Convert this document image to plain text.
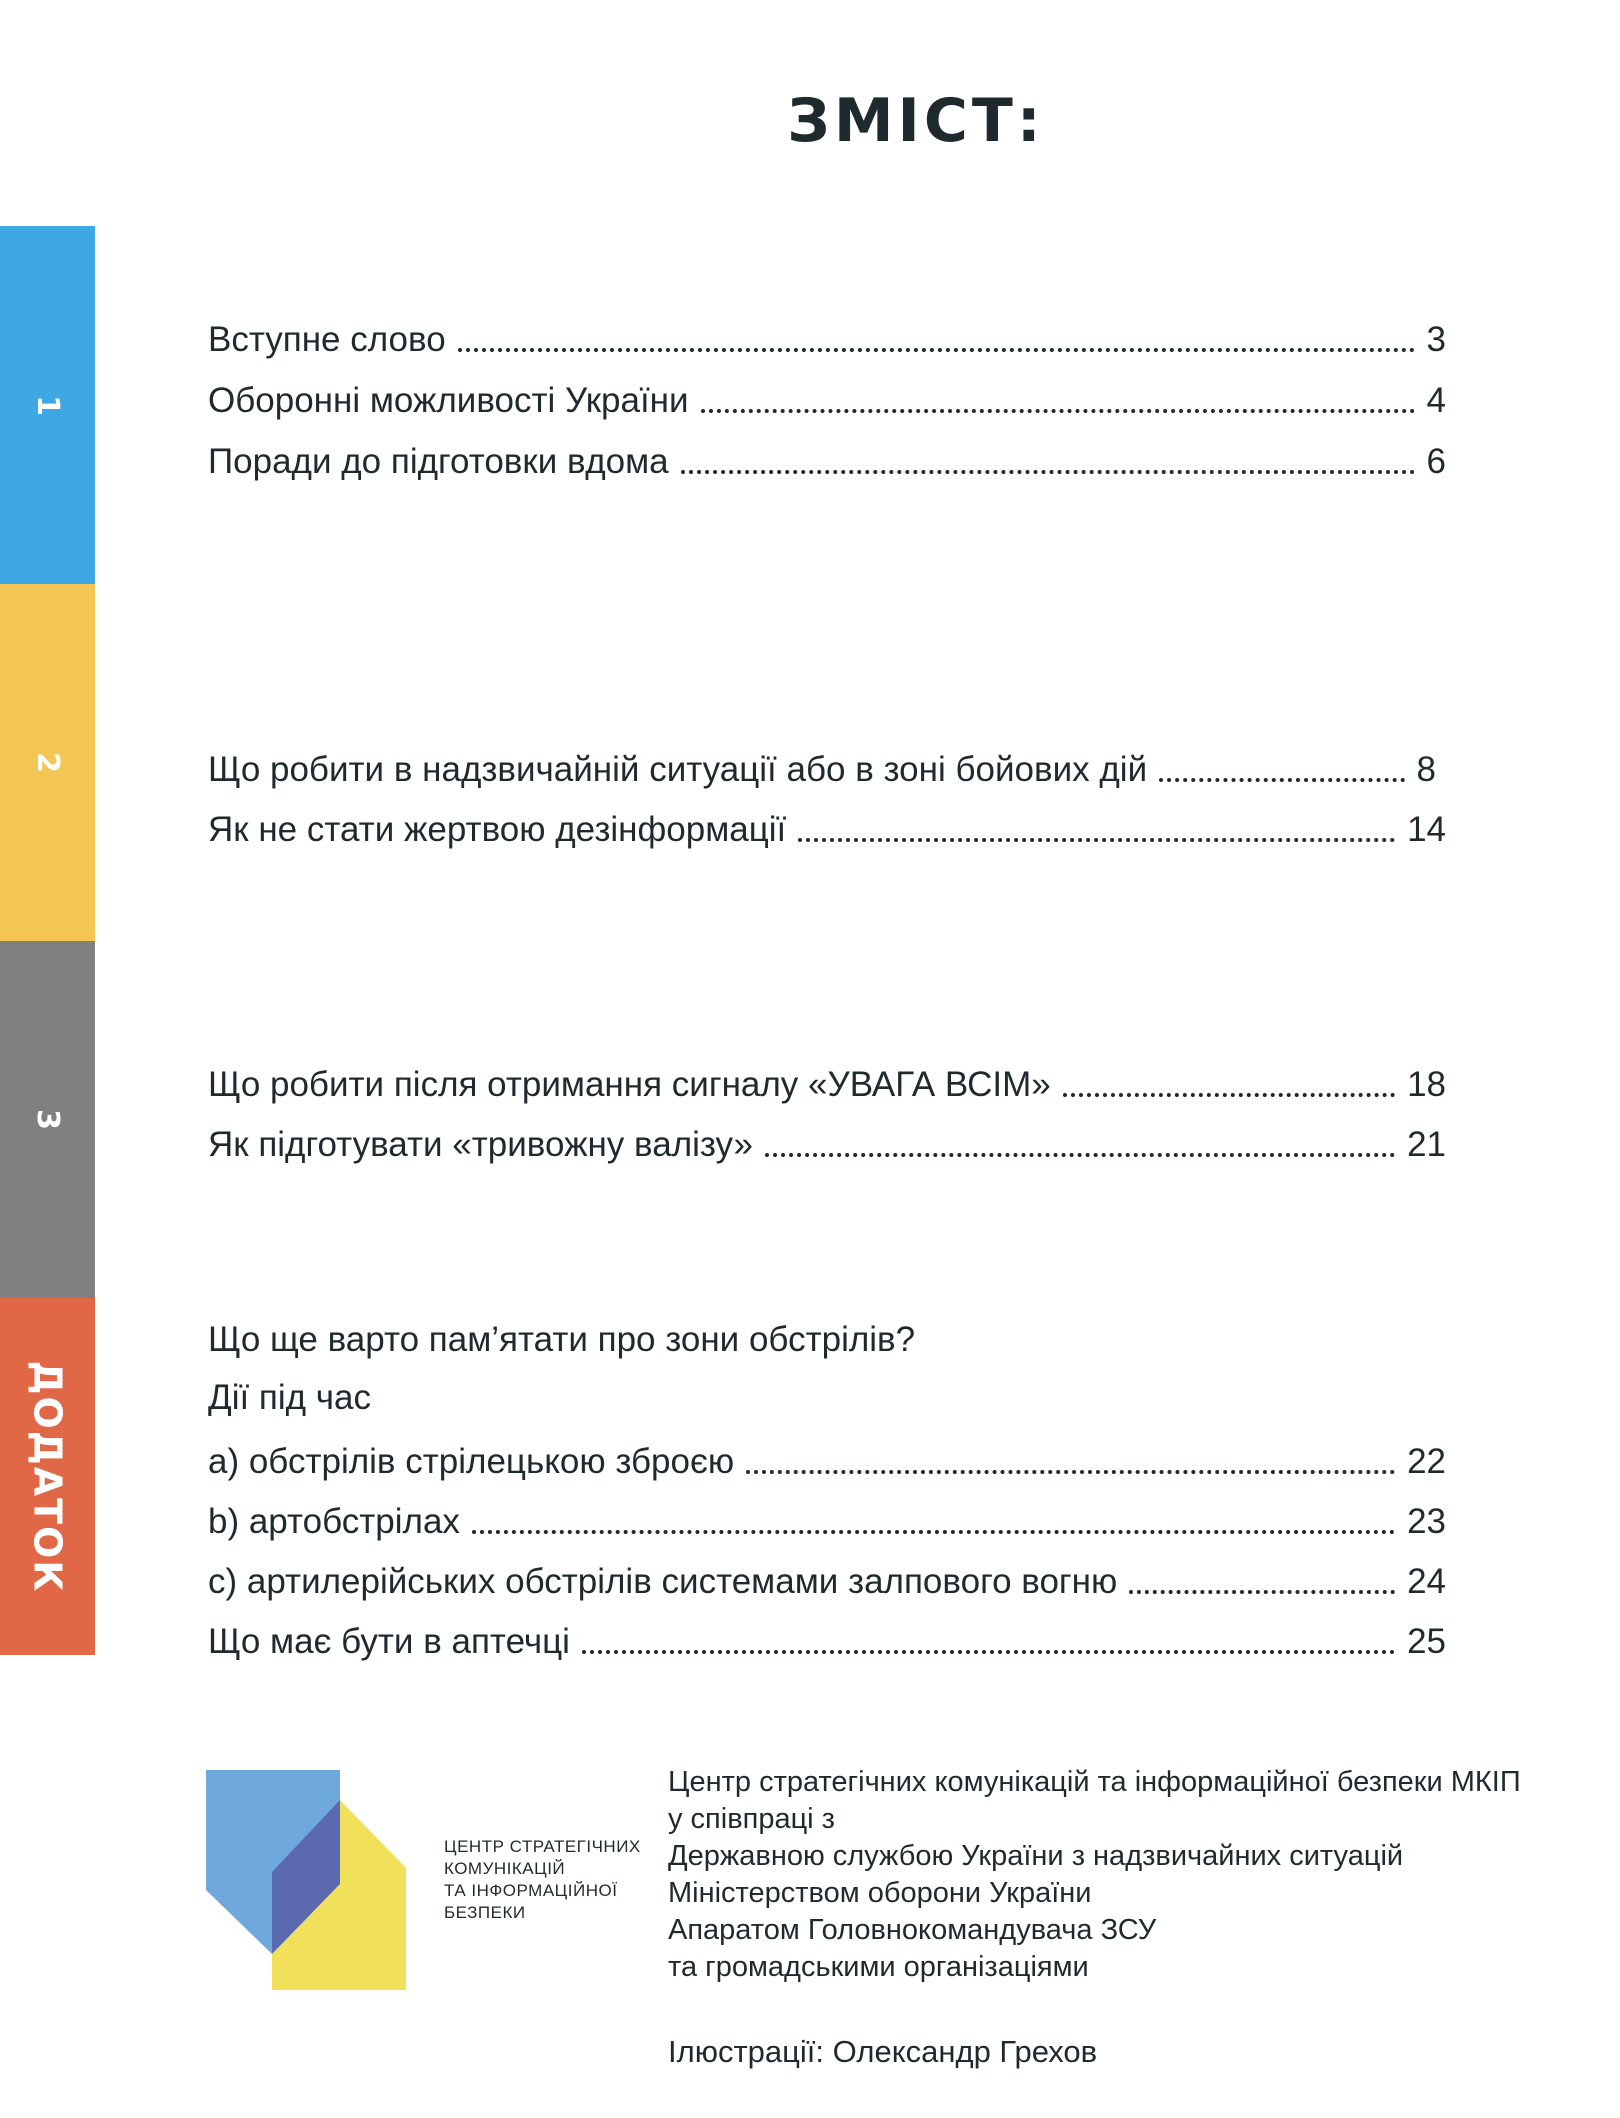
ЗМІСТ:
1
2
3
ДОДАТОК
Вступне слово	3
Оборонні можливості України	4
Поради до підготовки вдома	6
Що робити в надзвичайній ситуації або в зоні бойових дій	8
Як не стати жертвою дезінформації	14
Що робити після отримання сигналу «УВАГА ВСІМ»	18
Як підготувати «тривожну валізу»	21
Що ще варто пам’ятати про зони обстрілів?
Дії під час
a) обстрілів стрілецькою зброєю	22
b) артобстрілах	23
c) артилерійських обстрілів системами залпового вогню	24
Що має бути в аптечці	25
ЦЕНТР СТРАТЕГІЧНИХ
КОМУНІКАЦІЙ
ТА ІНФОРМАЦІЙНОЇ
БЕЗПЕКИ
Центр стратегічних комунікацій та інформаційної безпеки МКІП
у співпраці з
Державною службою України з надзвичайних ситуацій
Міністерством оборони України
Апаратом Головнокомандувача ЗСУ
та громадськими організаціями
Ілюстрації: Олександр Грехов
